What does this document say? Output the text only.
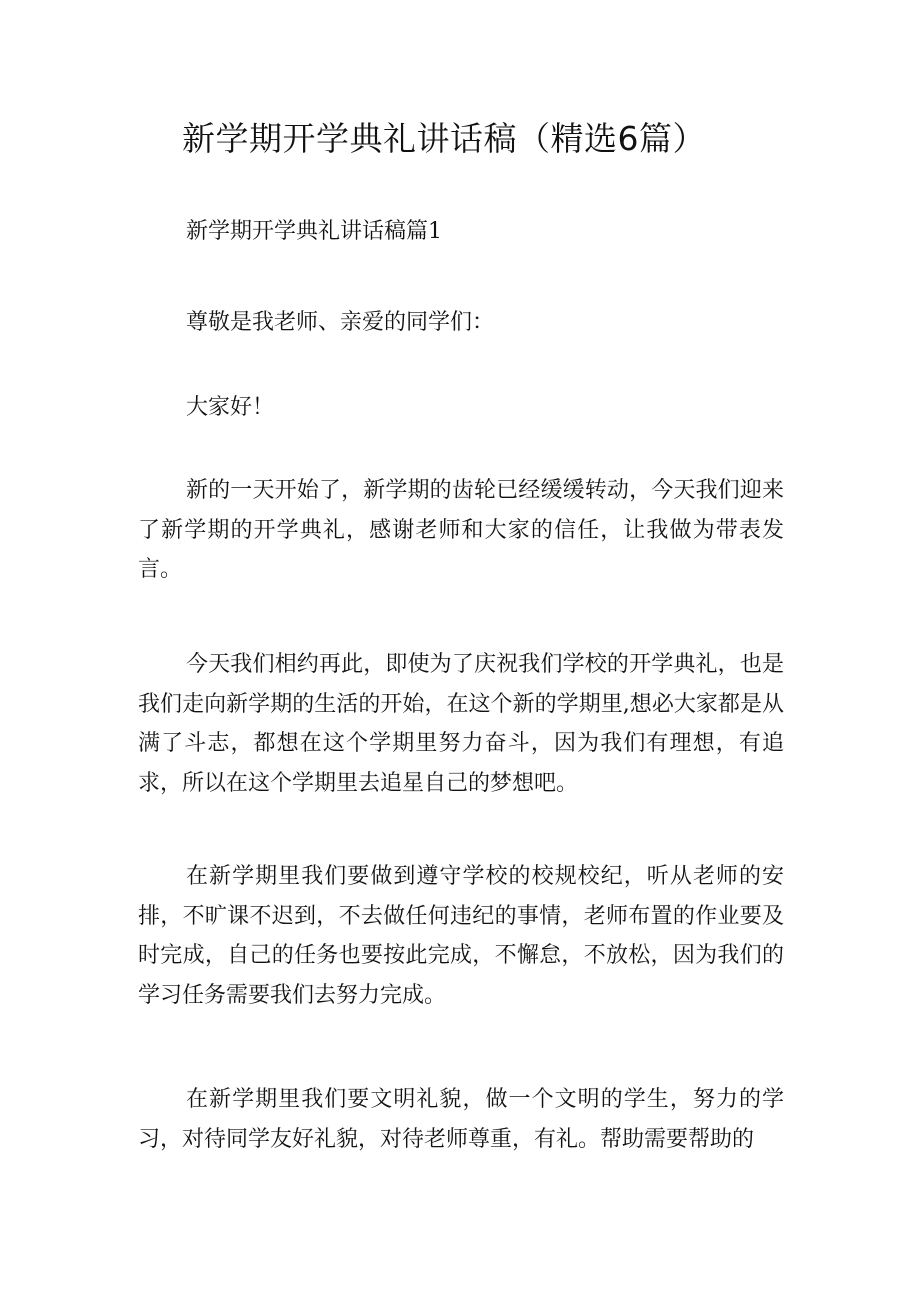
新学期开学典礼讲话稿（精选6篇）

新学期开学典礼讲话稿篇1

尊敬是我老师、亲爱的同学们：

大家好！

新的一天开始了，新学期的齿轮已经缓缓转动，今天我们迎来了新学期的开学典礼，感谢老师和大家的信任，让我做为带表发言。

今天我们相约再此，即使为了庆祝我们学校的开学典礼，也是我们走向新学期的生活的开始，在这个新的学期里,想必大家都是从满了斗志，都想在这个学期里努力奋斗，因为我们有理想，有追求，所以在这个学期里去追星自己的梦想吧。

在新学期里我们要做到遵守学校的校规校纪，听从老师的安排，不旷课不迟到，不去做任何违纪的事情，老师布置的作业要及时完成，自己的任务也要按此完成，不懈怠，不放松，因为我们的学习任务需要我们去努力完成。

在新学期里我们要文明礼貌，做一个文明的学生，努力的学习，对待同学友好礼貌，对待老师尊重，有礼。帮助需要帮助的
